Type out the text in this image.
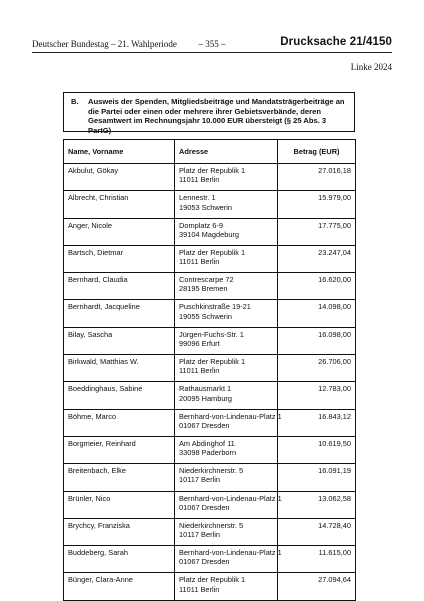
Deutscher Bundestag – 21. Wahlperiode	– 355 –	Drucksache 21/4150
Linke 2024
B. Ausweis der Spenden, Mitgliedsbeiträge und Mandatsträgerbeiträge an die Partei oder einen oder mehrere ihrer Gebietsverbände, deren Gesamtwert im Rechnungsjahr 10.000 EUR übersteigt (§ 25 Abs. 3 PartG)
Name, Vorname	Adresse	Betrag (EUR)
Akbulut, Gökay	Platz der Republik 1
11011 Berlin	27.016,18
Albrecht, Christian	Lennestr. 1
19053 Schwerin	15.979,00
Anger, Nicole	Domplatz 6-9
39104 Magdeburg	17.775,00
Bartsch, Dietmar	Platz der Republik 1
11011 Berlin	23.247,04
Bernhard, Claudia	Contrescarpe 72
28195 Bremen	16.620,00
Bernhardt, Jacqueline	Puschkinstraße 19-21
19055 Schwerin	14.098,00
Bilay, Sascha	Jürgen-Fuchs-Str. 1
99096 Erfurt	16.098,00
Birkwald, Matthias W.	Platz der Republik 1
11011 Berlin	26.706,00
Boeddinghaus, Sabine	Rathausmarkt 1
20095 Hamburg	12.783,00
Böhme, Marco	Bernhard-von-Lindenau-Platz 1
01067 Dresden	16.843,12
Borgmeier, Reinhard	Am Abdinghof 11
33098 Paderborn	10.619,50
Breitenbach, Elke	Niederkirchnerstr. 5
10117 Berlin	16.091,19
Brünler, Nico	Bernhard-von-Lindenau-Platz 1
01067 Dresden	13.062,58
Brychcy, Franziska	Niederkirchnerstr. 5
10117 Berlin	14.728,40
Buddeberg, Sarah	Bernhard-von-Lindenau-Platz 1
01067 Dresden	11.615,00
Bünger, Clara-Anne	Platz der Republik 1
11011 Berlin	27.094,64
